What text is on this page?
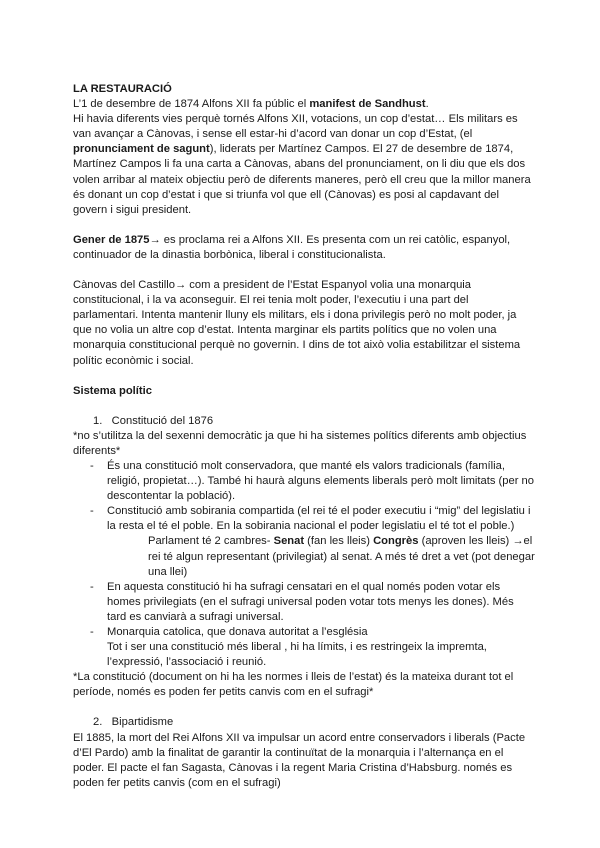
LA RESTAURACIÓ

L’1 de desembre de 1874 Alfons XII fa públic el manifest de Sandhust.
Hi havia diferents vies perquè tornés Alfons XII, votacions, un cop d’estat… Els militars es van avançar a Cànovas, i sense ell estar-hi d’acord van donar un cop d’Estat, (el pronunciament de sagunt), liderats per Martínez Campos. El 27 de desembre de 1874, Martínez Campos li fa una carta a Cànovas, abans del pronunciament, on li diu que els dos volen arribar al mateix objectiu però de diferents maneres, però ell creu que la millor manera és donant un cop d’estat i que si triunfa vol que ell (Cànovas) es posi al capdavant del govern i sigui president.

Gener de 1875→ es proclama rei a Alfons XII. Es presenta com un rei catòlic, espanyol, continuador de la dinastia borbònica, liberal i constitucionalista.

Cànovas del Castillo→ com a president de l’Estat Espanyol volia una monarquia constitucional, i la va aconseguir. El rei tenia molt poder, l’executiu i una part del parlamentari. Intenta mantenir lluny els militars, els i dona privilegis però no molt poder, ja que no volia un altre cop d’estat. Intenta marginar els partits polítics que no volen una monarquia constitucional perquè no governin. I dins de tot això volia estabilitzar el sistema polític econòmic i social.

Sistema polític

1. Constitució del 1876

*no s’utilitza la del sexenni democràtic ja que hi ha sistemes polítics diferents amb objectius diferents*

- És una constitució molt conservadora, que manté els valors tradicionals (família, religió, propietat…). També hi haurà alguns elements liberals però molt limitats (per no descontentar la població).
- Constitució amb sobirania compartida (el rei té el poder executiu i “mig” del legislatiu i la resta el té el poble. En la sobirania nacional el poder legislatiu el té tot el poble.)

Parlament té 2 cambres- Senat (fan les lleis) Congrès (aproven les lleis) →el rei té algun representant (privilegiat) al senat. A més té dret a vet (pot denegar una llei)

- En aquesta constitució hi ha sufragi censatari en el qual només poden votar els homes privilegiats (en el sufragi universal poden votar tots menys les dones). Més tard es canviarà a sufragi universal.
- Monarquia catolica, que donava autoritat a l’església
Tot i ser una constitució més liberal , hi ha límits, i es restringeix la impremta, l’expressió, l’associació i reunió.

*La constitució (document on hi ha les normes i lleis de l’estat) és la mateixa durant tot el període, només es poden fer petits canvis com en el sufragi*

2. Bipartidisme

El 1885, la mort del Rei Alfons XII va impulsar un acord entre conservadors i liberals (Pacte d’El Pardo) amb la finalitat de garantir la continuïtat de la monarquia i l’alternança en el poder. El pacte el fan Sagasta, Cànovas i la regent Maria Cristina d’Habsburg. només es poden fer petits canvis (com en el sufragi)
